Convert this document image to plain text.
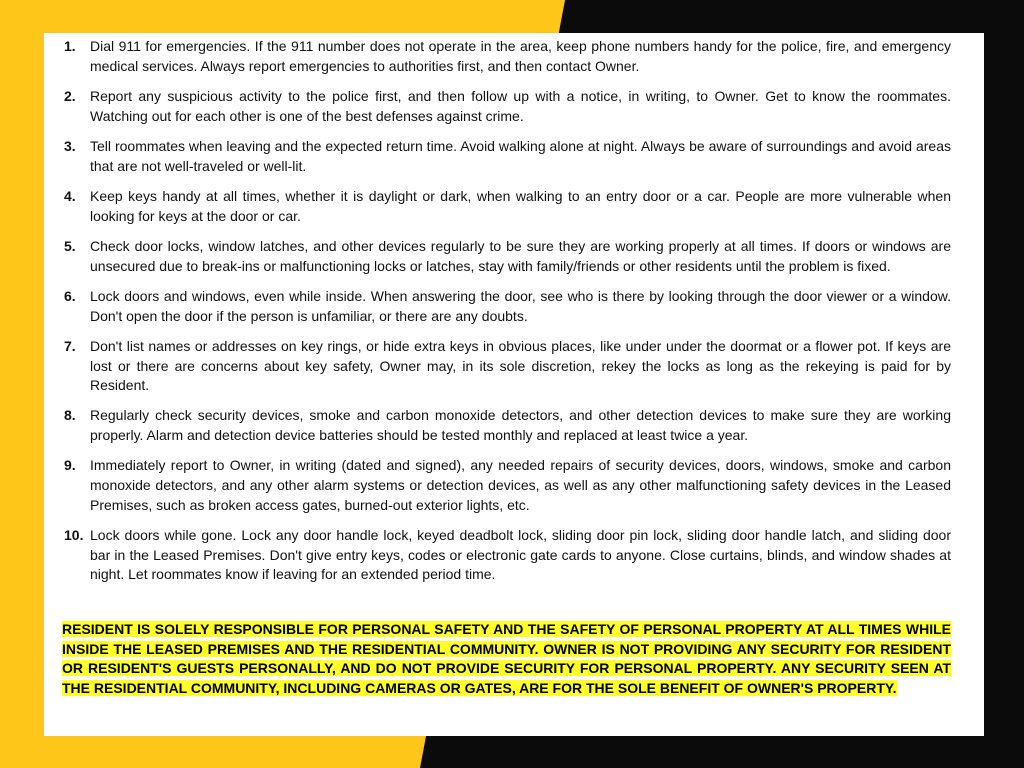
1.	Dial 911 for emergencies. If the 911 number does not operate in the area, keep phone numbers handy for the police, fire, and emergency medical services. Always report emergencies to authorities first, and then contact Owner.
2.	Report any suspicious activity to the police first, and then follow up with a notice, in writing, to Owner. Get to know the roommates. Watching out for each other is one of the best defenses against crime.
3.	Tell roommates when leaving and the expected return time. Avoid walking alone at night. Always be aware of surroundings and avoid areas that are not well-traveled or well-lit.
4.	Keep keys handy at all times, whether it is daylight or dark, when walking to an entry door or a car. People are more vulnerable when looking for keys at the door or car.
5.	Check door locks, window latches, and other devices regularly to be sure they are working properly at all times. If doors or windows are unsecured due to break-ins or malfunctioning locks or latches, stay with family/friends or other residents until the problem is fixed.
6.	Lock doors and windows, even while inside. When answering the door, see who is there by looking through the door viewer or a window. Don't open the door if the person is unfamiliar, or there are any doubts.
7.	Don't list names or addresses on key rings, or hide extra keys in obvious places, like under under the doormat or a flower pot. If keys are lost or there are concerns about key safety, Owner may, in its sole discretion, rekey the locks as long as the rekeying is paid for by Resident.
8.	Regularly check security devices, smoke and carbon monoxide detectors, and other detection devices to make sure they are working properly. Alarm and detection device batteries should be tested monthly and replaced at least twice a year.
9.	Immediately report to Owner, in writing (dated and signed), any needed repairs of security devices, doors, windows, smoke and carbon monoxide detectors, and any other alarm systems or detection devices, as well as any other malfunctioning safety devices in the Leased Premises, such as broken access gates, burned-out exterior lights, etc.
10. Lock doors while gone. Lock any door handle lock, keyed deadbolt lock, sliding door pin lock, sliding door handle latch, and sliding door bar in the Leased Premises. Don't give entry keys, codes or electronic gate cards to anyone. Close curtains, blinds, and window shades at night. Let roommates know if leaving for an extended period time.
RESIDENT IS SOLELY RESPONSIBLE FOR PERSONAL SAFETY AND THE SAFETY OF PERSONAL PROPERTY AT ALL TIMES WHILE INSIDE THE LEASED PREMISES AND THE RESIDENTIAL COMMUNITY. OWNER IS NOT PROVIDING ANY SECURITY FOR RESIDENT OR RESIDENT'S GUESTS PERSONALLY, AND DO NOT PROVIDE SECURITY FOR PERSONAL PROPERTY. ANY SECURITY SEEN AT THE RESIDENTIAL COMMUNITY, INCLUDING CAMERAS OR GATES, ARE FOR THE SOLE BENEFIT OF OWNER'S PROPERTY.
